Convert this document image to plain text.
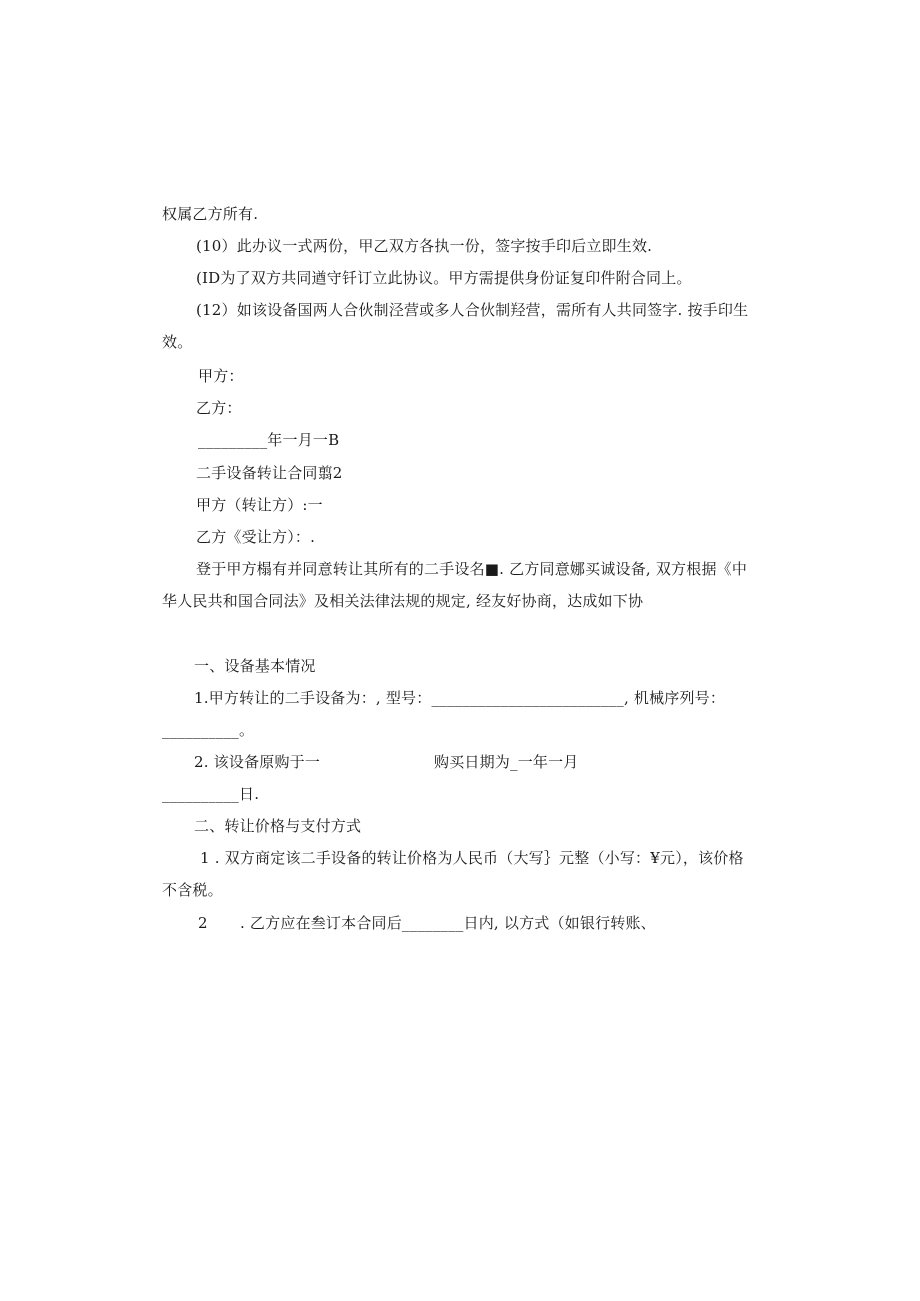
权属乙方所有.
(10）此办议一式两份，甲乙双方各执一份，签字按手印后立即生效.
(ID为了双方共同遒守钎订立此协议。甲方需提供身份证复印件附合同上。
(12）如该设备国两人合伙制泾营或多人合伙制羟营，需所有人共同签字. 按手印生
效。
甲方：
乙方：
_________年一月一B
二手设备转让合同翦2
甲方（转让方）:一
乙方《受让方）：.
登于甲方榻有并同意转让其所有的二手设名■. 乙方同意娜买诚设备, 双方根据《中
华人民共和国合同法》及相关法律法规的规定, 经友好协商，达成如下协
一、设备基本情况
1.甲方转让的二手设备为：, 型号：_________________________, 机械序列号：
__________。
2. 该设备原购于一	购买日期为_一年一月
__________日.
二、转让价格与支付方式
1 . 双方商定该二手设备的转让价格为人民币（大写｝元整（小写：¥元），该价格
不含税。
2 . 乙方应在叁订本合同后________日内, 以方式（如银行转账、
